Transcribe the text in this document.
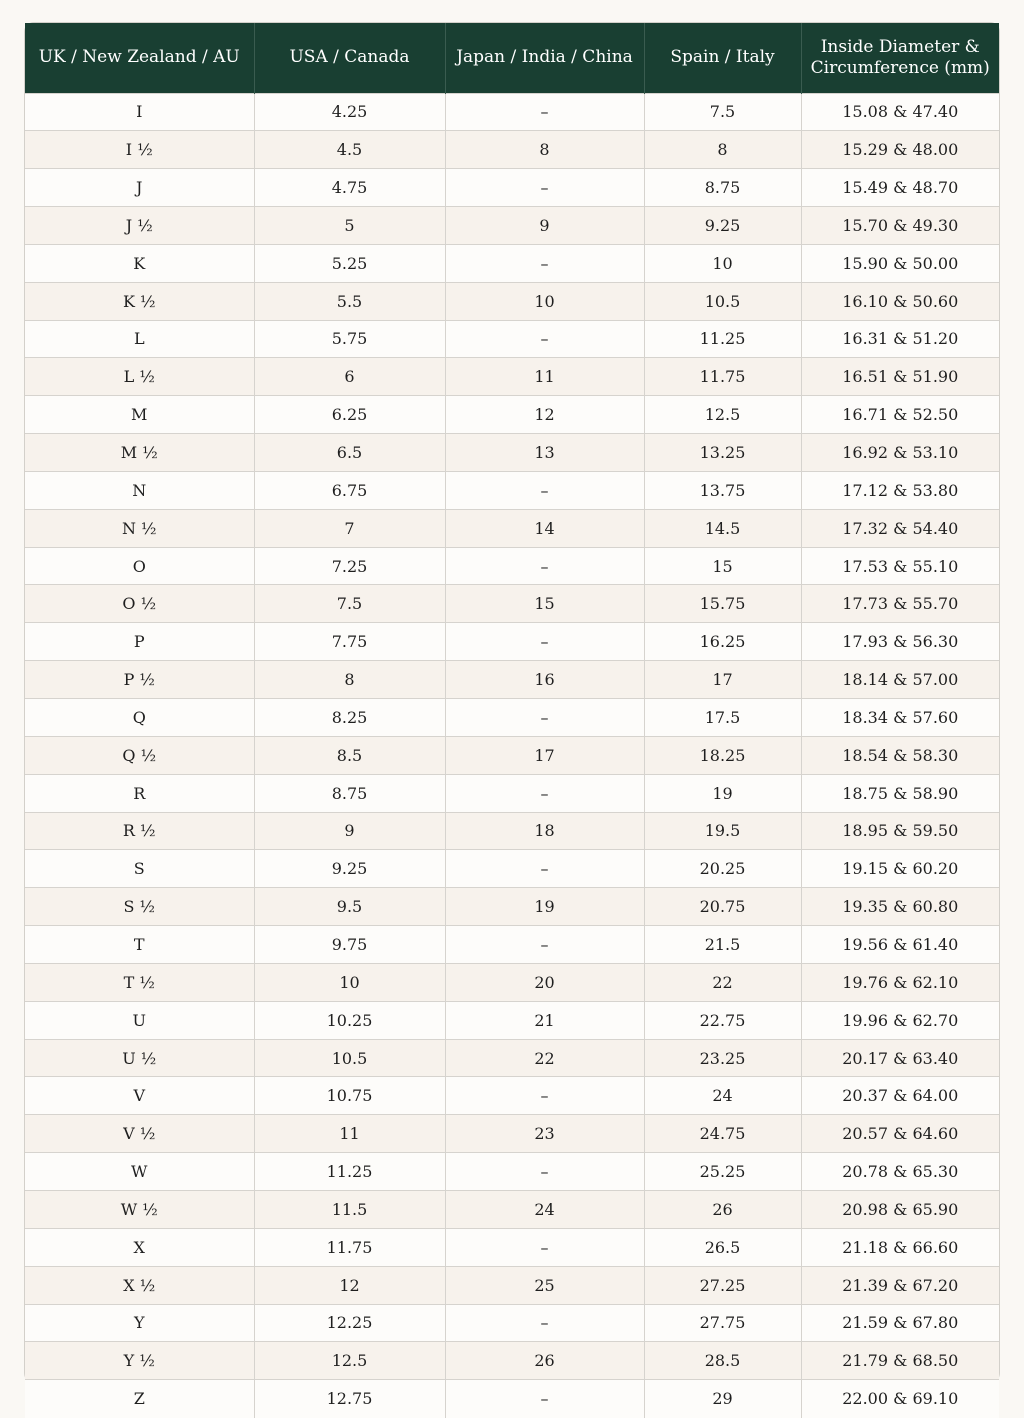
UK / New Zealand / AU	USA / Canada	Japan / India / China	Spain / Italy	Inside Diameter &
Circumference (mm)
I	4.25	–	7.5	15.08 & 47.40
I ½	4.5	8	8	15.29 & 48.00
J	4.75	–	8.75	15.49 & 48.70
J ½	5	9	9.25	15.70 & 49.30
K	5.25	–	10	15.90 & 50.00
K ½	5.5	10	10.5	16.10 & 50.60
L	5.75	–	11.25	16.31 & 51.20
L ½	6	11	11.75	16.51 & 51.90
M	6.25	12	12.5	16.71 & 52.50
M ½	6.5	13	13.25	16.92 & 53.10
N	6.75	–	13.75	17.12 & 53.80
N ½	7	14	14.5	17.32 & 54.40
O	7.25	–	15	17.53 & 55.10
O ½	7.5	15	15.75	17.73 & 55.70
P	7.75	–	16.25	17.93 & 56.30
P ½	8	16	17	18.14 & 57.00
Q	8.25	–	17.5	18.34 & 57.60
Q ½	8.5	17	18.25	18.54 & 58.30
R	8.75	–	19	18.75 & 58.90
R ½	9	18	19.5	18.95 & 59.50
S	9.25	–	20.25	19.15 & 60.20
S ½	9.5	19	20.75	19.35 & 60.80
T	9.75	–	21.5	19.56 & 61.40
T ½	10	20	22	19.76 & 62.10
U	10.25	21	22.75	19.96 & 62.70
U ½	10.5	22	23.25	20.17 & 63.40
V	10.75	–	24	20.37 & 64.00
V ½	11	23	24.75	20.57 & 64.60
W	11.25	–	25.25	20.78 & 65.30
W ½	11.5	24	26	20.98 & 65.90
X	11.75	–	26.5	21.18 & 66.60
X ½	12	25	27.25	21.39 & 67.20
Y	12.25	–	27.75	21.59 & 67.80
Y ½	12.5	26	28.5	21.79 & 68.50
Z	12.75	–	29	22.00 & 69.10
